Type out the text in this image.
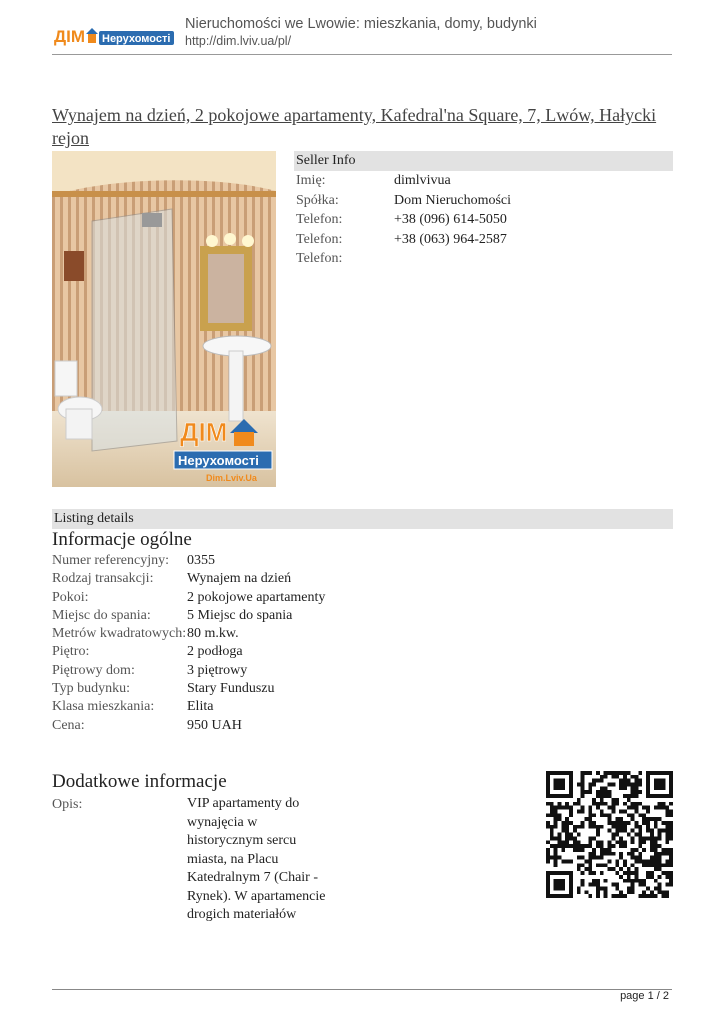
ДІМ Нерухомості
Nieruchomości we Lwowie: mieszkania, domy, budynki
http://dim.lviv.ua/pl/
Wynajem na dzień, 2 pokojowe apartamenty, Kafedral'na Square, 7, Lwów, Hałycki rejon
ДІМ
Нерухомості
Dim.Lviv.Ua
Seller Info
Imię:	dimlvivua
Spółka:	Dom Nieruchomości
Telefon:	+38 (096) 614-5050
Telefon:	+38 (063) 964-2587
Telefon:
Listing details
Informacje ogólne
Numer referencyjny:	0355
Rodzaj transakcji:	Wynajem na dzień
Pokoi:	2 pokojowe apartamenty
Miejsc do spania:	5 Miejsc do spania
Metrów kwadratowych: 80 m.kw.
Piętro:	2 podłoga
Piętrowy dom:	3 piętrowy
Typ budynku:	Stary Funduszu
Klasa mieszkania:	Elita
Cena:	950 UAH
Dodatkowe informacje
Opis:	VIP apartamenty do wynajęcia w historycznym sercu miasta, na Placu Katedralnym 7 (Chair - Rynek). W apartamencie drogich materiałów
page 1 / 2
